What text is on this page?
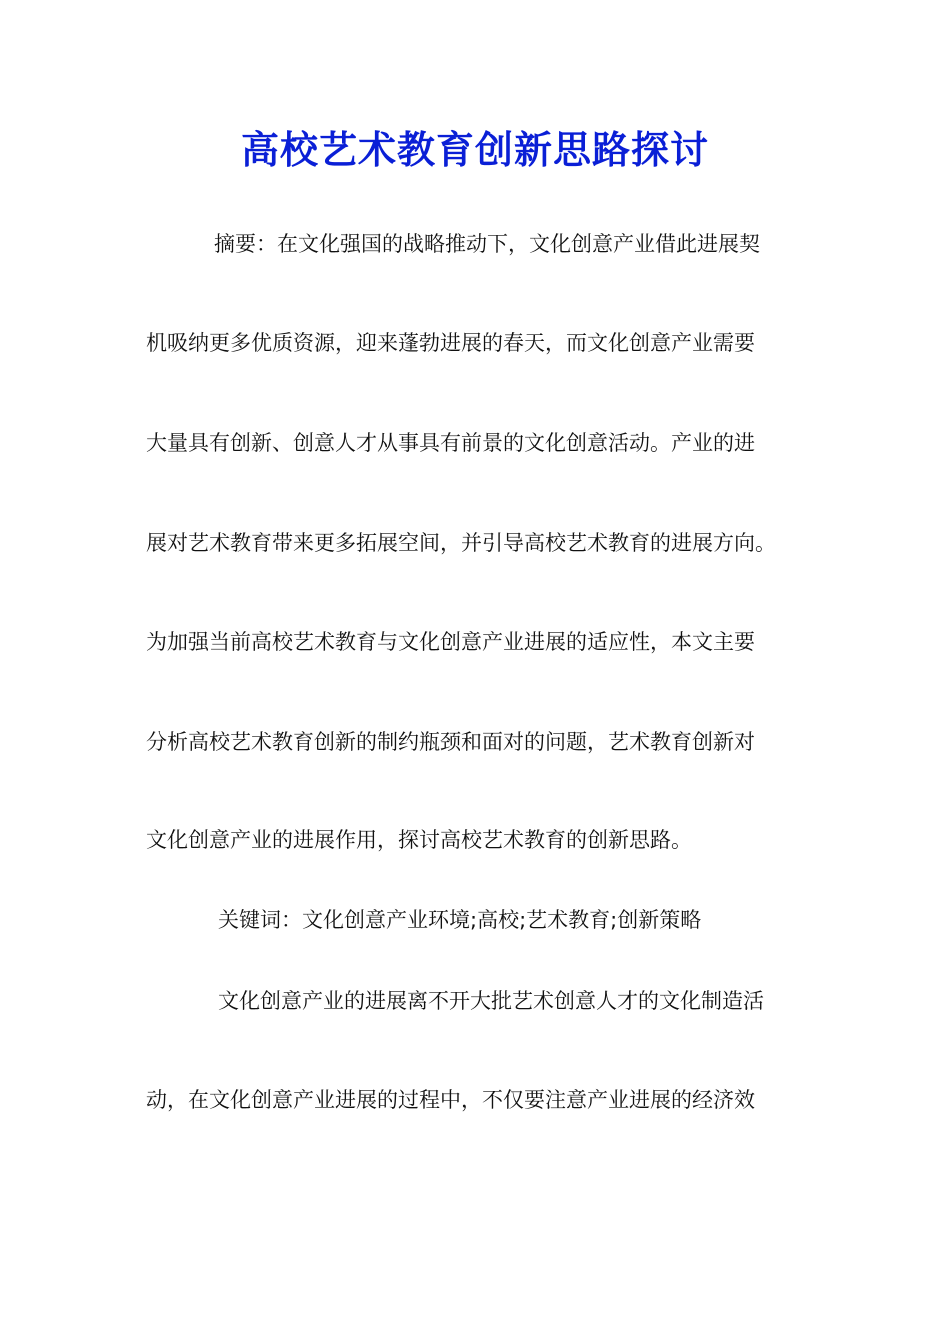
高校艺术教育创新思路探讨
摘要：在文化强国的战略推动下，文化创意产业借此进展契
机吸纳更多优质资源，迎来蓬勃进展的春天，而文化创意产业需要
大量具有创新、创意人才从事具有前景的文化创意活动。产业的进
展对艺术教育带来更多拓展空间，并引导高校艺术教育的进展方向。
为加强当前高校艺术教育与文化创意产业进展的适应性，本文主要
分析高校艺术教育创新的制约瓶颈和面对的问题，艺术教育创新对
文化创意产业的进展作用，探讨高校艺术教育的创新思路。
关键词：文化创意产业环境;高校;艺术教育;创新策略
文化创意产业的进展离不开大批艺术创意人才的文化制造活
动，在文化创意产业进展的过程中，不仅要注意产业进展的经济效
